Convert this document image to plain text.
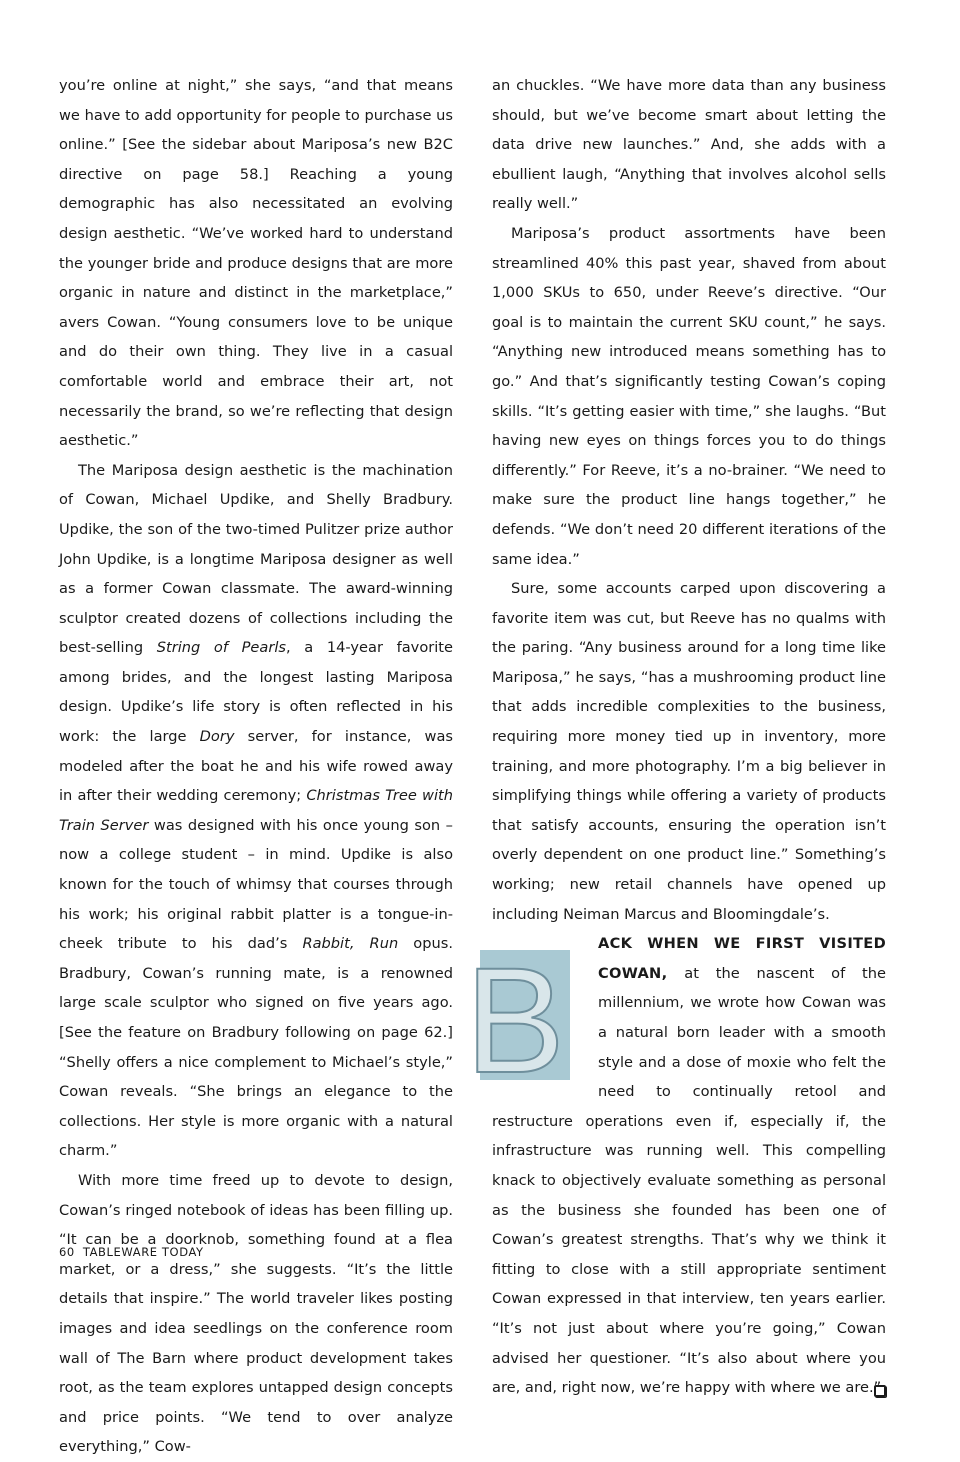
you’re online at night,” she says, “and that means we have to add opportunity for people to purchase us online.” [See the sidebar about Mariposa’s new B2C directive on page 58.] Reaching a young demographic has also necessitated an evolving design aesthetic. “We’ve worked hard to understand the younger bride and produce designs that are more organic in nature and distinct in the marketplace,” avers Cowan. “Young consumers love to be unique and do their own thing. They live in a casual comfortable world and embrace their art, not necessarily the brand, so we’re reflecting that design aesthetic.”

The Mariposa design aesthetic is the machination of Cowan, Michael Updike, and Shelly Bradbury. Updike, the son of the two-timed Pulitzer prize author John Updike, is a longtime Mariposa designer as well as a former Cowan classmate. The award-winning sculptor created dozens of collections including the best-selling String of Pearls, a 14-year favorite among brides, and the longest lasting Mariposa design. Updike’s life story is often reflected in his work: the large Dory server, for instance, was modeled after the boat he and his wife rowed away in after their wedding ceremony; Christmas Tree with Train Server was designed with his once young son – now a college student – in mind. Updike is also known for the touch of whimsy that courses through his work; his original rabbit platter is a tongue-in-cheek tribute to his dad’s Rabbit, Run opus. Bradbury, Cowan’s running mate, is a renowned large scale sculptor who signed on five years ago. [See the feature on Bradbury following on page 62.] “Shelly offers a nice complement to Michael’s style,” Cowan reveals. “She brings an elegance to the collections. Her style is more organic with a natural charm.”

With more time freed up to devote to design, Cowan’s ringed notebook of ideas has been filling up. “It can be a doorknob, something found at a flea market, or a dress,” she suggests. “It’s the little details that inspire.” The world traveler likes posting images and idea seedlings on the conference room wall of The Barn where product development takes root, as the team explores untapped design concepts and price points. “We tend to over analyze everything,” Cow-

an chuckles. “We have more data than any business should, but we’ve become smart about letting the data drive new launches.” And, she adds with a ebullient laugh, “Anything that involves alcohol sells really well.”

Mariposa’s product assortments have been streamlined 40% this past year, shaved from about 1,000 SKUs to 650, under Reeve’s directive. “Our goal is to maintain the current SKU count,” he says. “Anything new introduced means something has to go.” And that’s significantly testing Cowan’s coping skills. “It’s getting easier with time,” she laughs. “But having new eyes on things forces you to do things differently.” For Reeve, it’s a no-brainer. “We need to make sure the product line hangs together,” he defends. “We don’t need 20 different iterations of the same idea.”

Sure, some accounts carped upon discovering a favorite item was cut, but Reeve has no qualms with the paring. “Any business around for a long time like Mariposa,” he says, “has a mushrooming product line that adds incredible complexities to the business, requiring more money tied up in inventory, more training, and more photography. I’m a big believer in simplifying things while offering a variety of products that satisfy accounts, ensuring the operation isn’t overly dependent on one product line.” Something’s working; new retail channels have opened up including Neiman Marcus and Bloomingdale’s.

B	ACK WHEN WE FIRST VISITED COWAN, at the nascent of the millennium, we wrote how Cowan was a natural born leader with a smooth style and a dose of moxie who felt the need to continually retool and restructure operations even if, especially if, the infrastructure was running well. This compelling knack to objectively evaluate something as personal as the business she founded has been one of Cowan’s greatest strengths. That’s why we think it fitting to close with a still appropriate sentiment Cowan expressed in that interview, ten years earlier. “It’s not just about where you’re going,” Cowan advised her questioner. “It’s also about where you are, and, right now, we’re happy with where we are.”

60 TABLEWARE TODAY
